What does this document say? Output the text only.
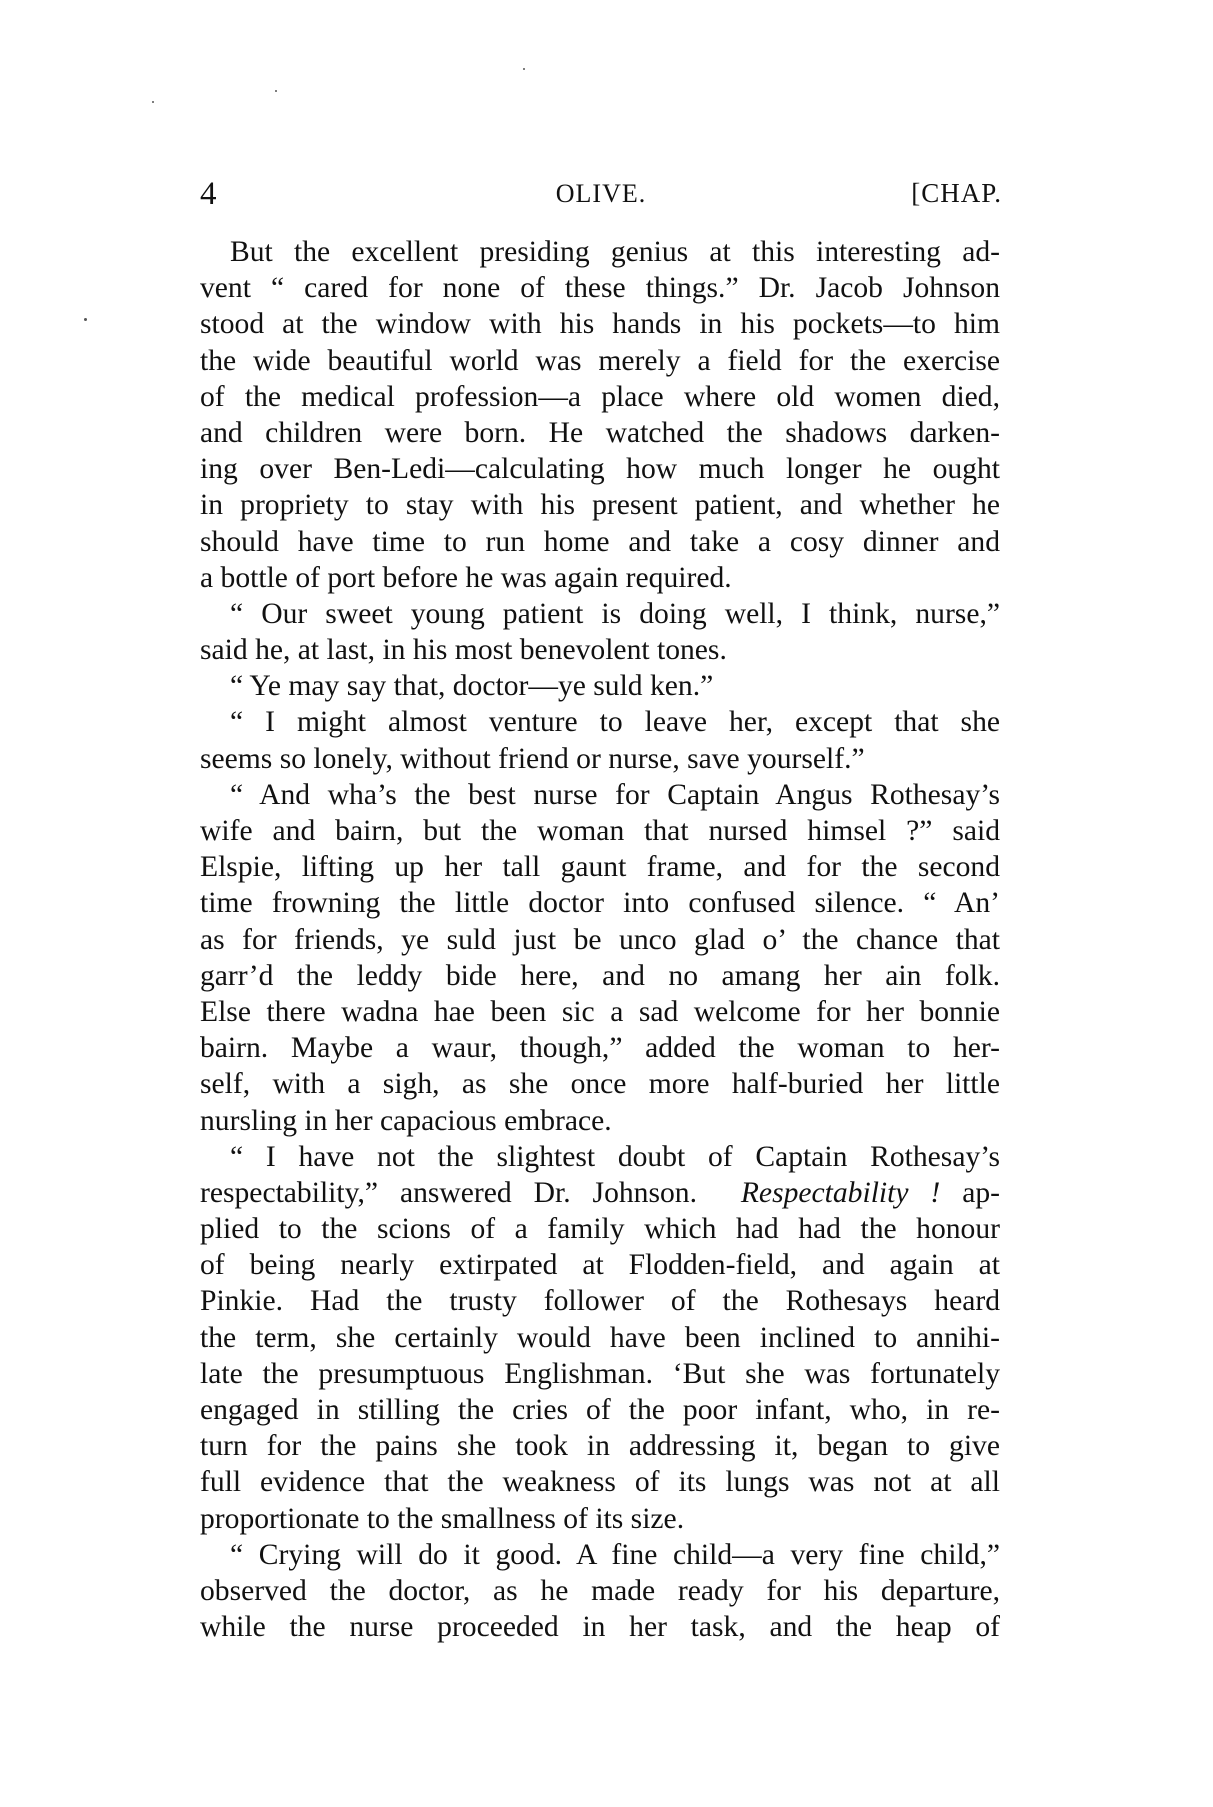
4	OLIVE.	[CHAP.
But the excellent presiding genius at this interesting ad-
vent “ cared for none of these things.” Dr. Jacob Johnson
stood at the window with his hands in his pockets—to him
the wide beautiful world was merely a field for the exercise
of the medical profession—a place where old women died,
and children were born. He watched the shadows darken-
ing over Ben-Ledi—calculating how much longer he ought
in propriety to stay with his present patient, and whether he
should have time to run home and take a cosy dinner and
a bottle of port before he was again required.
“ Our sweet young patient is doing well, I think, nurse,”
said he, at last, in his most benevolent tones.
“ Ye may say that, doctor—ye suld ken.”
“ I might almost venture to leave her, except that she
seems so lonely, without friend or nurse, save yourself.”
“ And wha’s the best nurse for Captain Angus Rothesay’s
wife and bairn, but the woman that nursed himsel ?” said
Elspie, lifting up her tall gaunt frame, and for the second
time frowning the little doctor into confused silence. “ An’
as for friends, ye suld just be unco glad o’ the chance that
garr’d the leddy bide here, and no amang her ain folk.
Else there wadna hae been sic a sad welcome for her bonnie
bairn. Maybe a waur, though,” added the woman to her-
self, with a sigh, as she once more half-buried her little
nursling in her capacious embrace.
“ I have not the slightest doubt of Captain Rothesay’s
respectability,” answered Dr. Johnson. Respectability ! ap-
plied to the scions of a family which had had the honour
of being nearly extirpated at Flodden-field, and again at
Pinkie. Had the trusty follower of the Rothesays heard
the term, she certainly would have been inclined to annihi-
late the presumptuous Englishman. ‘But she was fortunately
engaged in stilling the cries of the poor infant, who, in re-
turn for the pains she took in addressing it, began to give
full evidence that the weakness of its lungs was not at all
proportionate to the smallness of its size.
“ Crying will do it good. A fine child—a very fine child,”
observed the doctor, as he made ready for his departure,
while the nurse proceeded in her task, and the heap of
